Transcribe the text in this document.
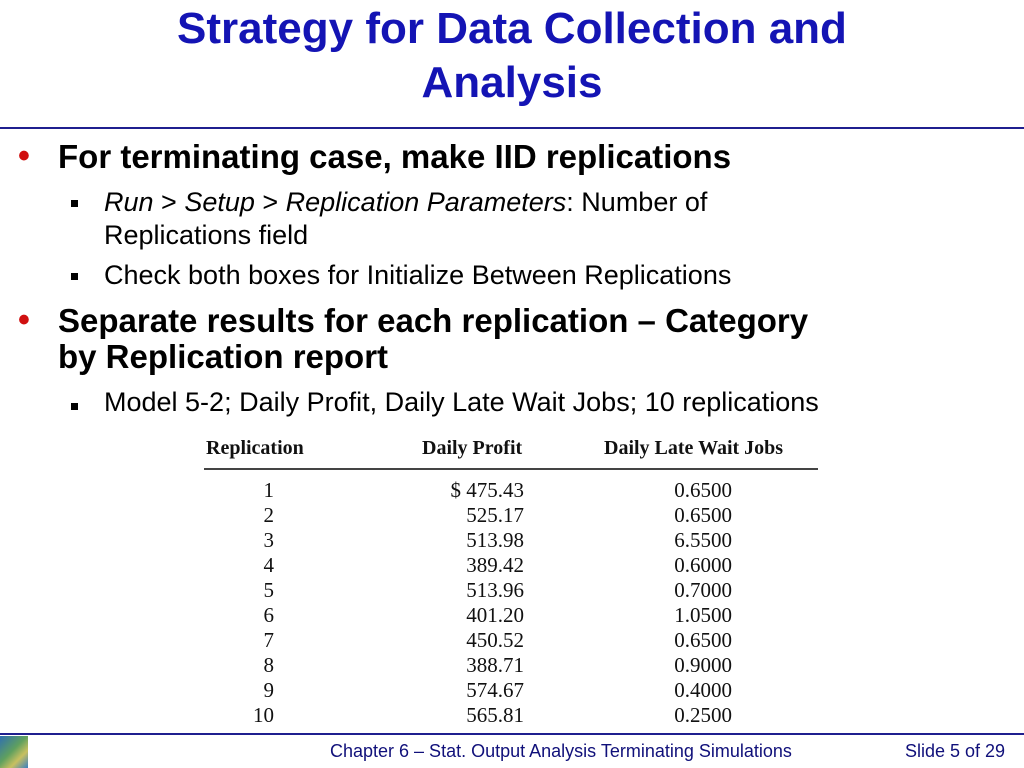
Strategy for Data Collection and
Analysis
• For terminating case, make IID replications
Run > Setup > Replication Parameters: Number of
Replications field
Check both boxes for Initialize Between Replications
• Separate results for each replication – Category
by Replication report
Model 5-2; Daily Profit, Daily Late Wait Jobs; 10 replications
Replication	Daily Profit	Daily Late Wait Jobs
1	$ 475.43	0.6500
2	525.17	0.6500
3	513.98	6.5500
4	389.42	0.6000
5	513.96	0.7000
6	401.20	1.0500
7	450.52	0.6500
8	388.71	0.9000
9	574.67	0.4000
10	565.81	0.2500
Chapter 6 – Stat. Output Analysis Terminating Simulations	Slide 5 of 29
